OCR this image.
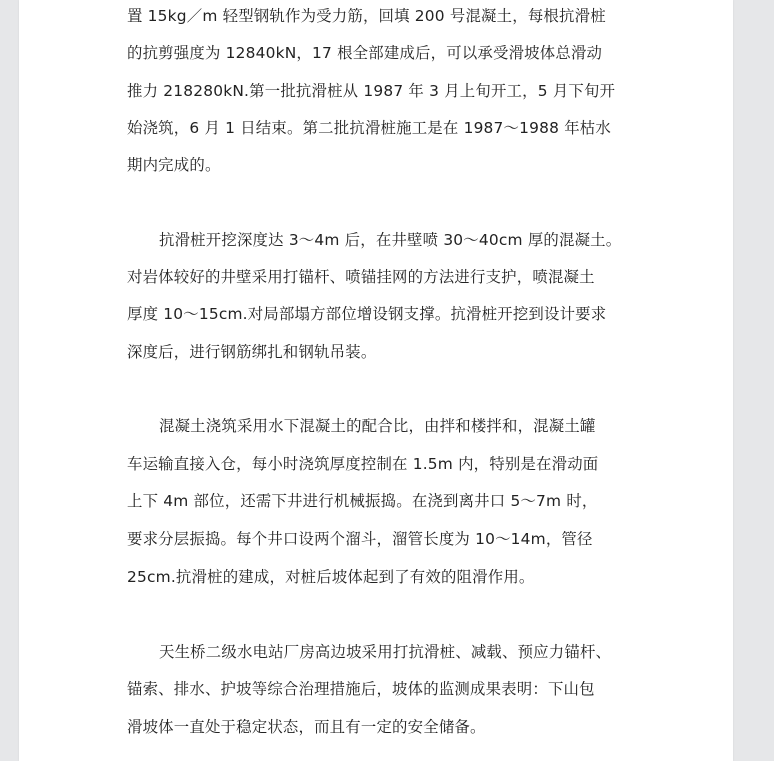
置 15kg／m 轻型钢轨作为受力筋，回填 200 号混凝土，每根抗滑桩
的抗剪强度为 12840kN，17 根全部建成后，可以承受滑坡体总滑动
推力 218280kN.第一批抗滑桩从 1987 年 3 月上旬开工，5 月下旬开
始浇筑，6 月 1 日结束。第二批抗滑桩施工是在 1987～1988 年枯水
期内完成的。
抗滑桩开挖深度达 3～4m 后，在井壁喷 30～40cm 厚的混凝土。
对岩体较好的井壁采用打锚杆、喷锚挂网的方法进行支护，喷混凝土
厚度 10～15cm.对局部塌方部位增设钢支撑。抗滑桩开挖到设计要求
深度后，进行钢筋绑扎和钢轨吊装。
混凝土浇筑采用水下混凝土的配合比，由拌和楼拌和，混凝土罐
车运输直接入仓，每小时浇筑厚度控制在 1.5m 内，特别是在滑动面
上下 4m 部位，还需下井进行机械振捣。在浇到离井口 5～7m 时，
要求分层振捣。每个井口设两个溜斗，溜管长度为 10～14m，管径
25cm.抗滑桩的建成，对桩后坡体起到了有效的阻滑作用。
天生桥二级水电站厂房高边坡采用打抗滑桩、减载、预应力锚杆、
锚索、排水、护坡等综合治理措施后，坡体的监测成果表明：下山包
滑坡体一直处于稳定状态，而且有一定的安全储备。
